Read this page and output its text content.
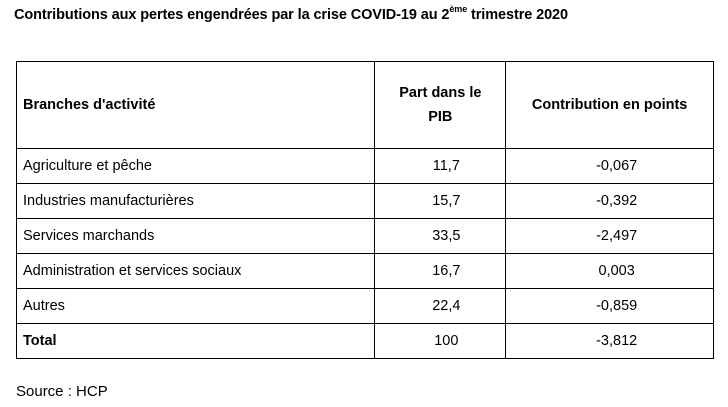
Contributions aux pertes engendrées par la crise COVID-19 au 2ème trimestre 2020
Branches d'activité	Part dans le PIB	Contribution en points
Agriculture et pêche	11,7	-0,067
Industries manufacturières	15,7	-0,392
Services marchands	33,5	-2,497
Administration et services sociaux	16,7	0,003
Autres	22,4	-0,859
Total	100	-3,812
Source : HCP
